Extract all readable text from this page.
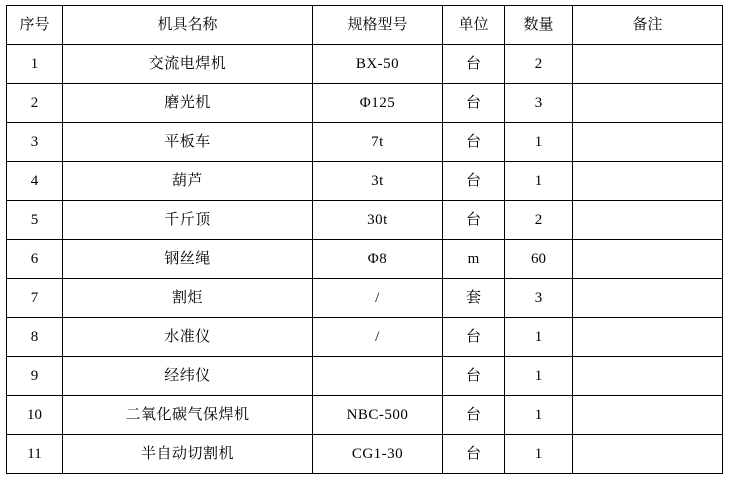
序号	机具名称	规格型号	单位	数量	备注
1	交流电焊机	BX-50	台	2	
2	磨光机	Φ125	台	3	
3	平板车	7t	台	1	
4	葫芦	3t	台	1	
5	千斤顶	30t	台	2	
6	钢丝绳	Φ8	m	60	
7	割炬	/	套	3	
8	水准仪	/	台	1	
9	经纬仪		台	1	
10	二氧化碳气保焊机	NBC-500	台	1	
11	半自动切割机	CG1-30	台	1	
